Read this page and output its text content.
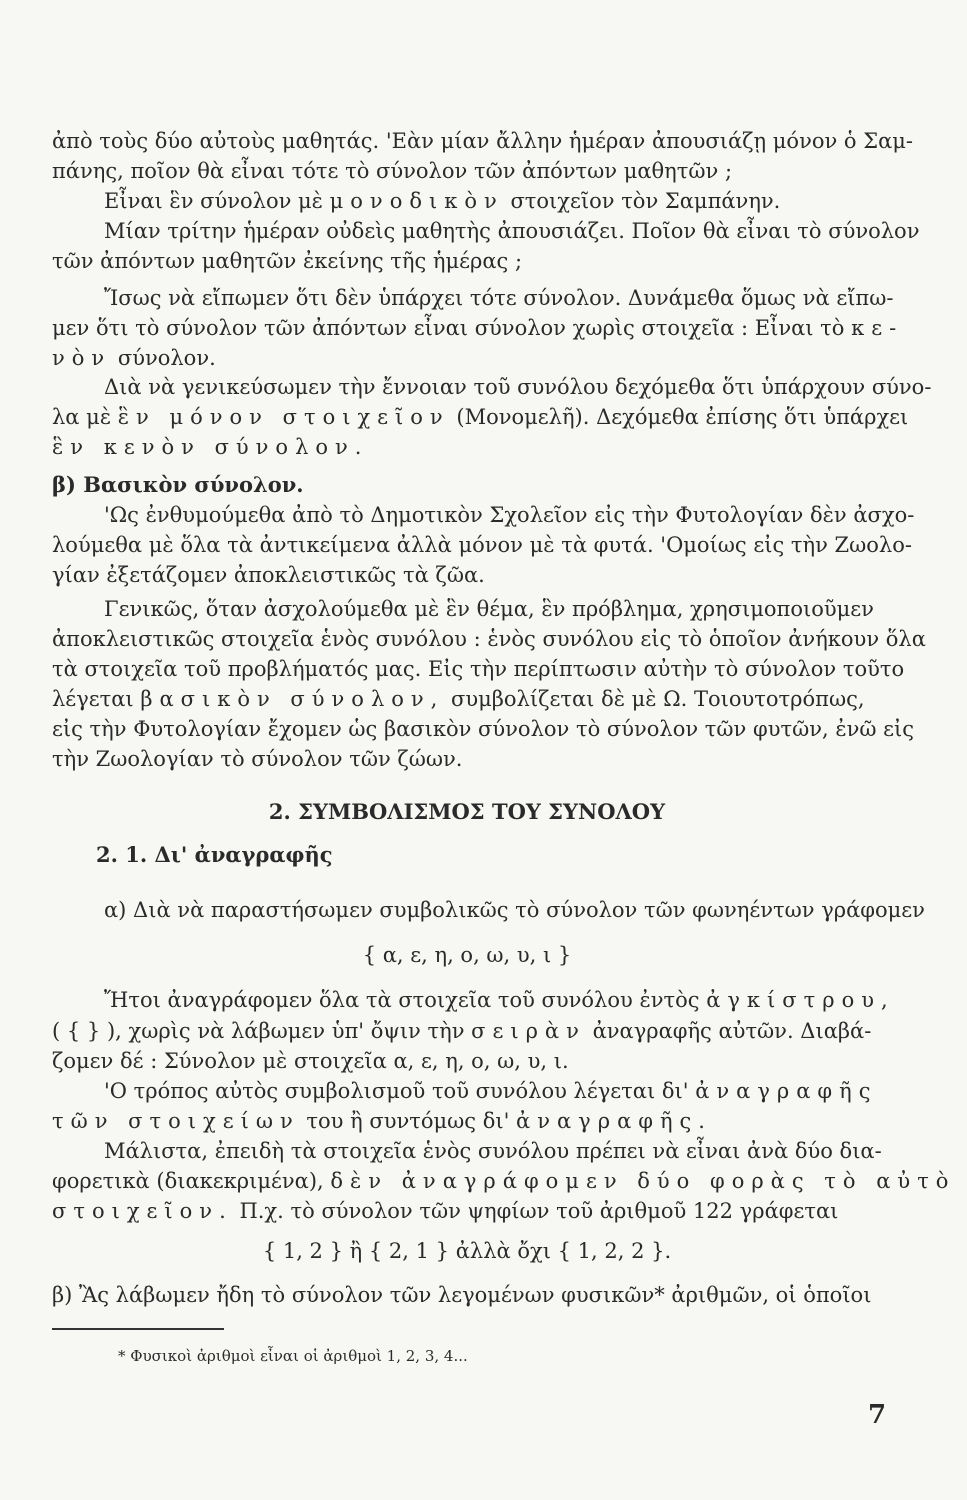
ἀπὸ τοὺς δύο αὐτοὺς μαθητάς. 'Εὰν μίαν ἄλλην ἡμέραν ἀπουσιάζῃ μόνον ὁ Σαμ-
πάνης, ποῖον θὰ εἶναι τότε τὸ σύνολον τῶν ἀπόντων μαθητῶν ;
Εἶναι ἓν σύνολον μὲ μονοδικὸν στοιχεῖον τὸν Σαμπάνην.
Μίαν τρίτην ἡμέραν οὐδεὶς μαθητὴς ἀπουσιάζει. Ποῖον θὰ εἶναι τὸ σύνολον
τῶν ἀπόντων μαθητῶν ἐκείνης τῆς ἡμέρας ;
Ἴσως νὰ εἴπωμεν ὅτι δὲν ὑπάρχει τότε σύνολον. Δυνάμεθα ὅμως νὰ εἴπω-
μεν ὅτι τὸ σύνολον τῶν ἀπόντων εἶναι σύνολον χωρὶς στοιχεῖα : Εἶναι τὸ κε-
νὸν σύνολον.
Διὰ νὰ γενικεύσωμεν τὴν ἔννοιαν τοῦ συνόλου δεχόμεθα ὅτι ὑπάρχουν σύνο-
λα μὲ ἓν μόνον στοιχεῖον (Μονομελῆ). Δεχόμεθα ἐπίσης ὅτι ὑπάρχει
ἓν κενὸν σύνολον.
β) Βασικὸν σύνολον.
'Ως ἐνθυμούμεθα ἀπὸ τὸ Δημοτικὸν Σχολεῖον εἰς τὴν Φυτολογίαν δὲν ἀσχο-
λούμεθα μὲ ὅλα τὰ ἀντικείμενα ἀλλὰ μόνον μὲ τὰ φυτά. 'Ομοίως εἰς τὴν Ζωολο-
γίαν ἐξετάζομεν ἀποκλειστικῶς τὰ ζῶα.
Γενικῶς, ὅταν ἀσχολούμεθα μὲ ἓν θέμα, ἓν πρόβλημα, χρησιμοποιοῦμεν
ἀποκλειστικῶς στοιχεῖα ἑνὸς συνόλου : ἑνὸς συνόλου εἰς τὸ ὁποῖον ἀνήκουν ὅλα
τὰ στοιχεῖα τοῦ προβλήματός μας. Εἰς τὴν περίπτωσιν αὐτὴν τὸ σύνολον τοῦτο
λέγεται βασικὸν σύνολον, συμβολίζεται δὲ μὲ Ω. Τοιουτοτρόπως,
εἰς τὴν Φυτολογίαν ἔχομεν ὡς βασικὸν σύνολον τὸ σύνολον τῶν φυτῶν, ἐνῶ εἰς
τὴν Ζωολογίαν τὸ σύνολον τῶν ζώων.
2. ΣΥΜΒΟΛΙΣΜΟΣ ΤΟΥ ΣΥΝΟΛΟΥ
2. 1. Δι' ἀναγραφῆς
α) Διὰ νὰ παραστήσωμεν συμβολικῶς τὸ σύνολον τῶν φωνηέντων γράφομεν
{ α, ε, η, ο, ω, υ, ι }
Ἤτοι ἀναγράφομεν ὅλα τὰ στοιχεῖα τοῦ συνόλου ἐντὸς ἀγκίστρου,
( { } ), χωρὶς νὰ λάβωμεν ὑπ' ὄψιν τὴν σειρὰν ἀναγραφῆς αὐτῶν. Διαβά-
ζομεν δέ : Σύνολον μὲ στοιχεῖα α, ε, η, ο, ω, υ, ι.
'Ο τρόπος αὐτὸς συμβολισμοῦ τοῦ συνόλου λέγεται δι' ἀναγραφῆς
τῶν στοιχείων του ἢ συντόμως δι' ἀναγραφῆς.
Μάλιστα, ἐπειδὴ τὰ στοιχεῖα ἑνὸς συνόλου πρέπει νὰ εἶναι ἀνὰ δύο δια-
φορετικὰ (διακεκριμένα), δὲν ἀναγράφομεν δύο φορὰς τὸ αὐτὸ
στοιχεῖον. Π.χ. τὸ σύνολον τῶν ψηφίων τοῦ ἀριθμοῦ 122 γράφεται
{ 1, 2 } ἢ { 2, 1 } ἀλλὰ ὄχι { 1, 2, 2 }.
β) Ἂς λάβωμεν ἤδη τὸ σύνολον τῶν λεγομένων φυσικῶν* ἀριθμῶν, οἱ ὁποῖοι
* Φυσικοὶ ἀριθμοὶ εἶναι οἱ ἀριθμοὶ 1, 2, 3, 4...
7
